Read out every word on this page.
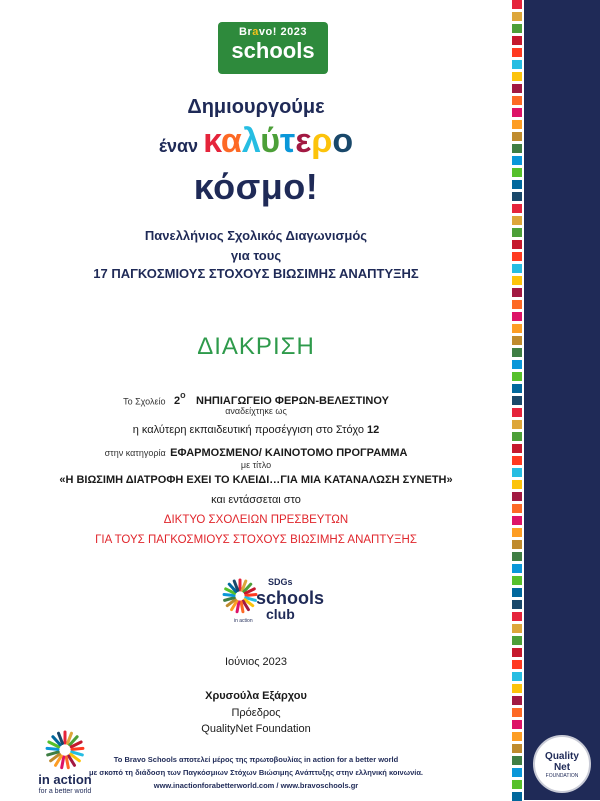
Bravo! 2023
schools
Δημιουργούμε
έναν καλύτερο
κόσμο!
Πανελλήνιος Σχολικός Διαγωνισμός
για τους
17 ΠΑΓΚΟΣΜΙΟΥΣ ΣΤΟΧΟΥΣ ΒΙΩΣΙΜΗΣ ΑΝΑΠΤΥΞΗΣ
ΔΙΑΚΡΙΣΗ
Το Σχολείο $2^o$ ΝΗΠΙΑΓΩΓΕΙΟ ΦΕΡΩΝ-ΒΕΛΕΣΤΙΝΟΥ
αναδείχτηκε ως
η καλύτερη εκπαιδευτική προσέγγιση στο Στόχο 12
στην κατηγορία ΕΦΑΡΜΟΣΜΕΝΟ/ ΚΑΙΝΟΤΟΜΟ ΠΡΟΓΡΑΜΜΑ
με τίτλο
«Η ΒΙΩΣΙΜΗ ΔΙΑΤΡΟΦΗ ΕΧΕΙ ΤΟ ΚΛΕΙΔΙ…ΓΙΑ ΜΙΑ ΚΑΤΑΝΑΛΩΣΗ ΣΥΝΕΤΗ»
και εντάσσεται στο
ΔΙΚΤΥΟ ΣΧΟΛΕΙΩΝ ΠΡΕΣΒΕΥΤΩΝ
ΓΙΑ ΤΟΥΣ ΠΑΓΚΟΣΜΙΟΥΣ ΣΤΟΧΟΥΣ ΒΙΩΣΙΜΗΣ ΑΝΑΠΤΥΞΗΣ
SDGs
schools
club
in action
Ιούνιος 2023
Χρυσούλα Εξάρχου
Πρόεδρος
QualityNet Foundation
in action
for a better world
Το Bravo Schools αποτελεί μέρος της πρωτοβουλίας in action for a better world
με σκοπό τη διάδοση των Παγκόσμιων Στόχων Βιώσιμης Ανάπτυξης στην ελληνική κοινωνία.
www.inactionforabetterworld.com / www.bravoschools.gr
Quality
Net
FOUNDATION
